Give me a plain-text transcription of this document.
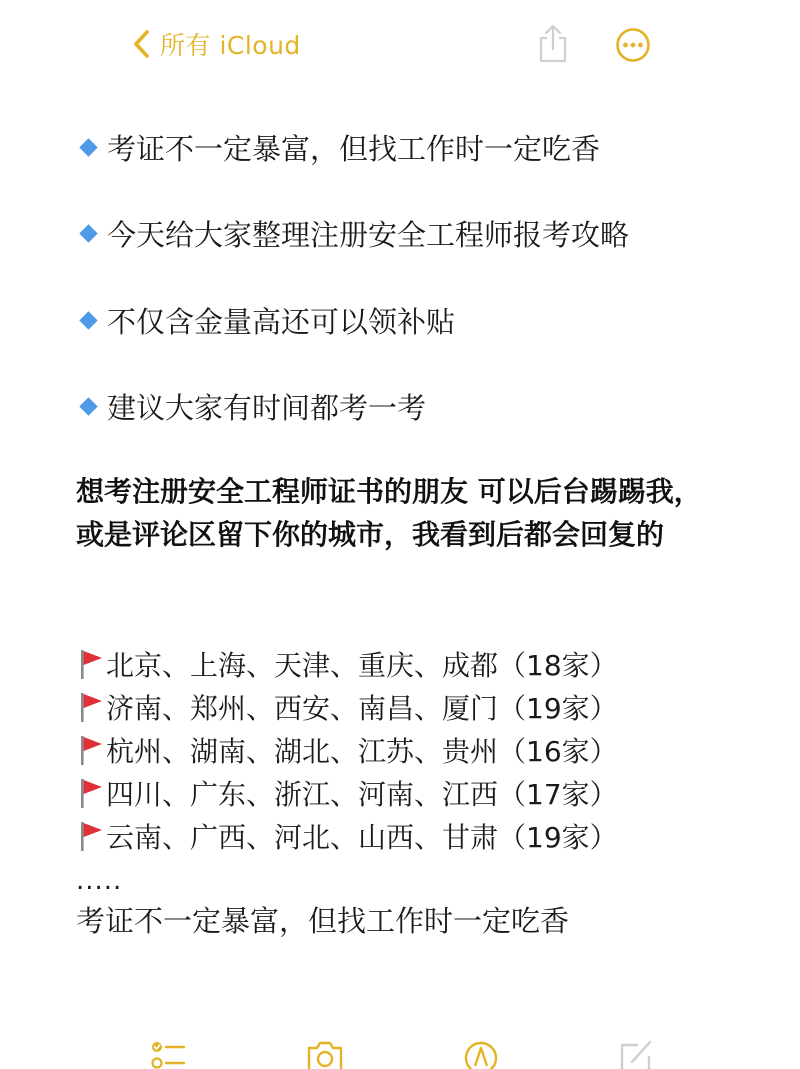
所有 iCloud
考证不一定暴富，但找工作时一定吃香
今天给大家整理注册安全工程师报考攻略
不仅含金量高还可以领补贴
建议大家有时间都考一考
想考注册安全工程师证书的朋友 可以后台踢踢我，或是评论区留下你的城市，我看到后都会回复的
北京、上海、天津、重庆、成都（18家）
济南、郑州、西安、南昌、厦门（19家）
杭州、湖南、湖北、江苏、贵州（16家）
四川、广东、浙江、河南、江西（17家）
云南、广西、河北、山西、甘肃（19家）
.....
考证不一定暴富，但找工作时一定吃香
